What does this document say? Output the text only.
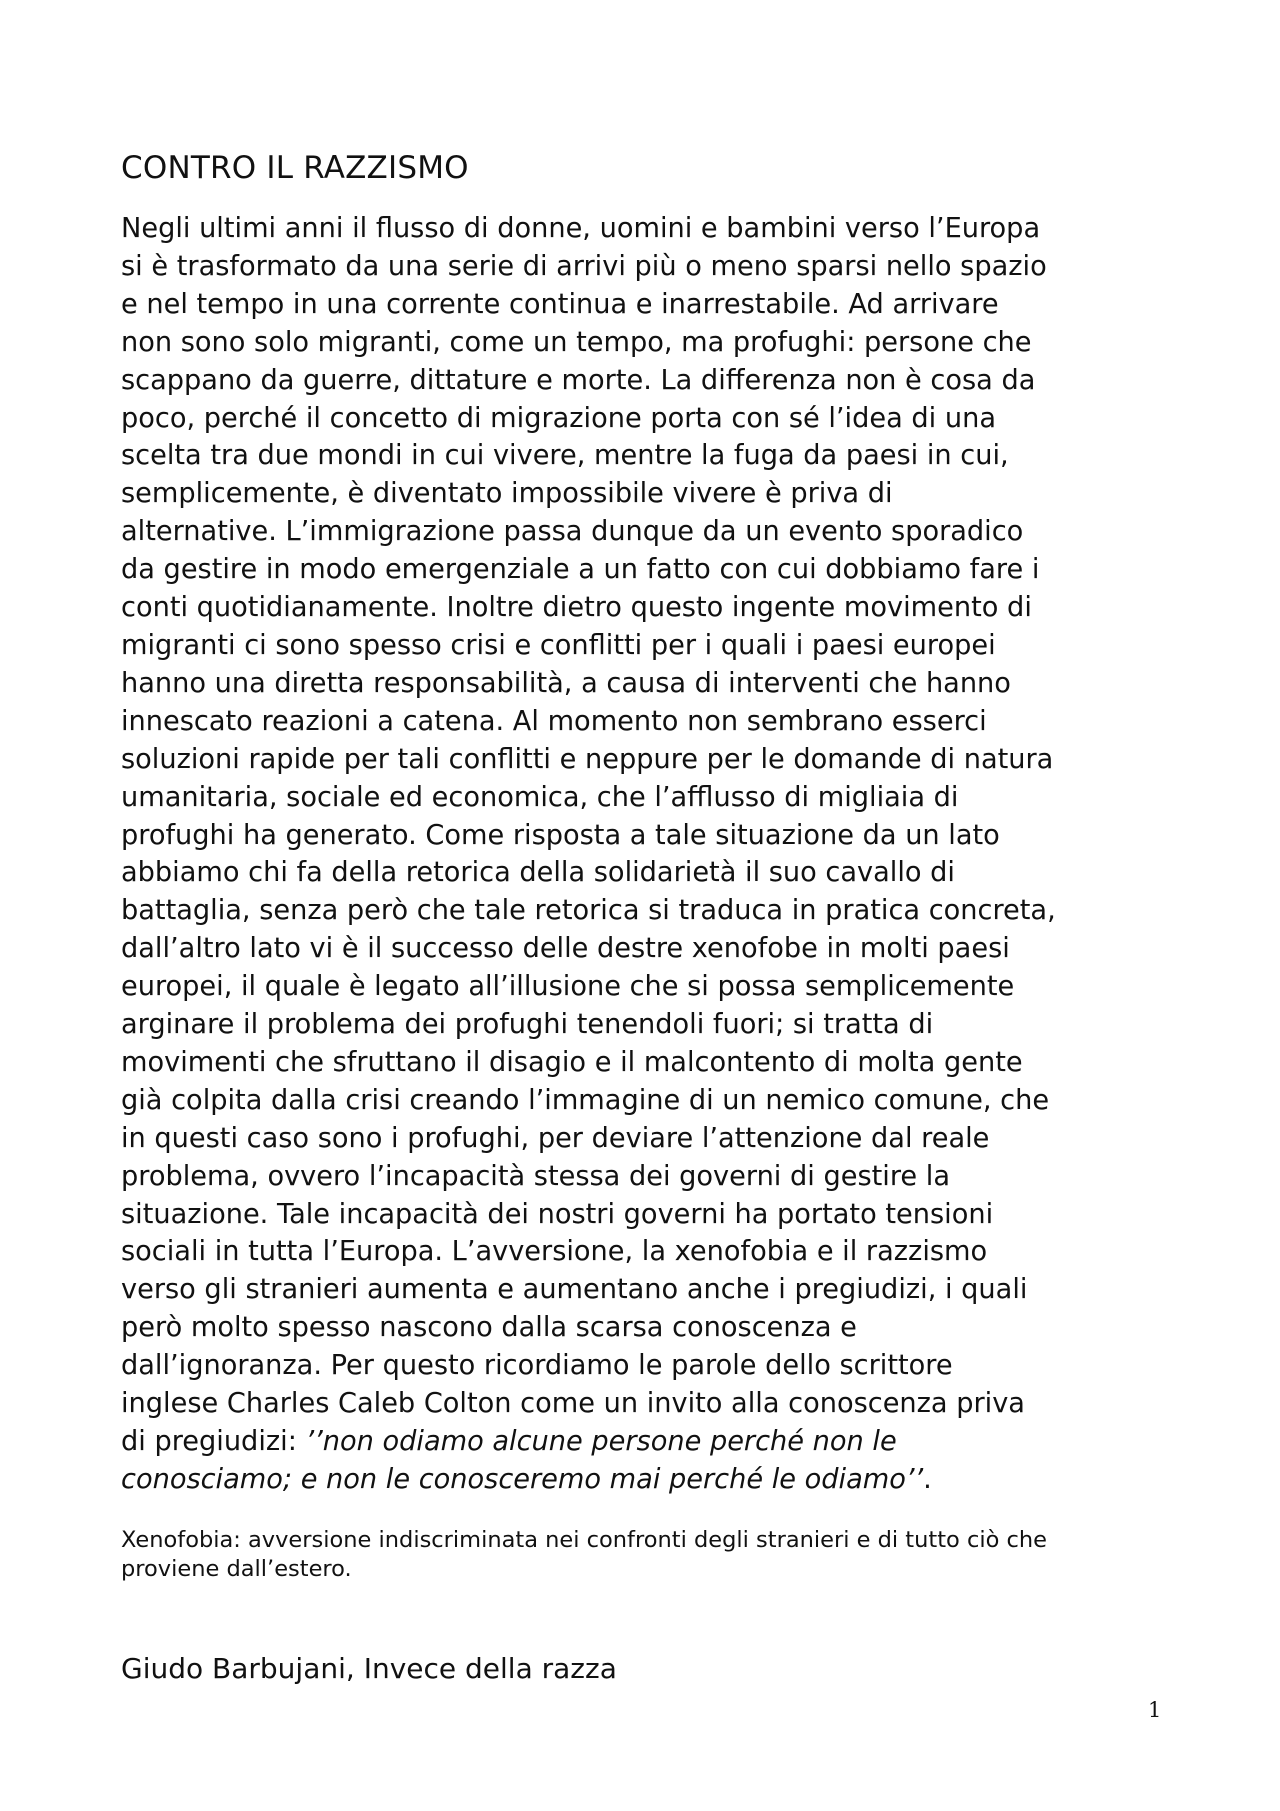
CONTRO IL RAZZISMO
Negli ultimi anni il flusso di donne, uomini e bambini verso l’Europa
si è trasformato da una serie di arrivi più o meno sparsi nello spazio
e nel tempo in una corrente continua e inarrestabile. Ad arrivare
non sono solo migranti, come un tempo, ma profughi: persone che
scappano da guerre, dittature e morte. La differenza non è cosa da
poco, perché il concetto di migrazione porta con sé l’idea di una
scelta tra due mondi in cui vivere, mentre la fuga da paesi in cui,
semplicemente, è diventato impossibile vivere è priva di
alternative. L’immigrazione passa dunque da un evento sporadico
da gestire in modo emergenziale a un fatto con cui dobbiamo fare i
conti quotidianamente. Inoltre dietro questo ingente movimento di
migranti ci sono spesso crisi e conflitti per i quali i paesi europei
hanno una diretta responsabilità, a causa di interventi che hanno
innescato reazioni a catena. Al momento non sembrano esserci
soluzioni rapide per tali conflitti e neppure per le domande di natura
umanitaria, sociale ed economica, che l’afflusso di migliaia di
profughi ha generato. Come risposta a tale situazione da un lato
abbiamo chi fa della retorica della solidarietà il suo cavallo di
battaglia, senza però che tale retorica si traduca in pratica concreta,
dall’altro lato vi è il successo delle destre xenofobe in molti paesi
europei, il quale è legato all’illusione che si possa semplicemente
arginare il problema dei profughi tenendoli fuori; si tratta di
movimenti che sfruttano il disagio e il malcontento di molta gente
già colpita dalla crisi creando l’immagine di un nemico comune, che
in questi caso sono i profughi, per deviare l’attenzione dal reale
problema, ovvero l’incapacità stessa dei governi di gestire la
situazione. Tale incapacità dei nostri governi ha portato tensioni
sociali in tutta l’Europa. L’avversione, la xenofobia e il razzismo
verso gli stranieri aumenta e aumentano anche i pregiudizi, i quali
però molto spesso nascono dalla scarsa conoscenza e
dall’ignoranza. Per questo ricordiamo le parole dello scrittore
inglese Charles Caleb Colton come un invito alla conoscenza priva
di pregiudizi: ’’non odiamo alcune persone perché non le
conosciamo; e non le conosceremo mai perché le odiamo’’.
Xenofobia: avversione indiscriminata nei confronti degli stranieri e di tutto ciò che
proviene dall’estero.

Giudo Barbujani, Invece della razza

1
